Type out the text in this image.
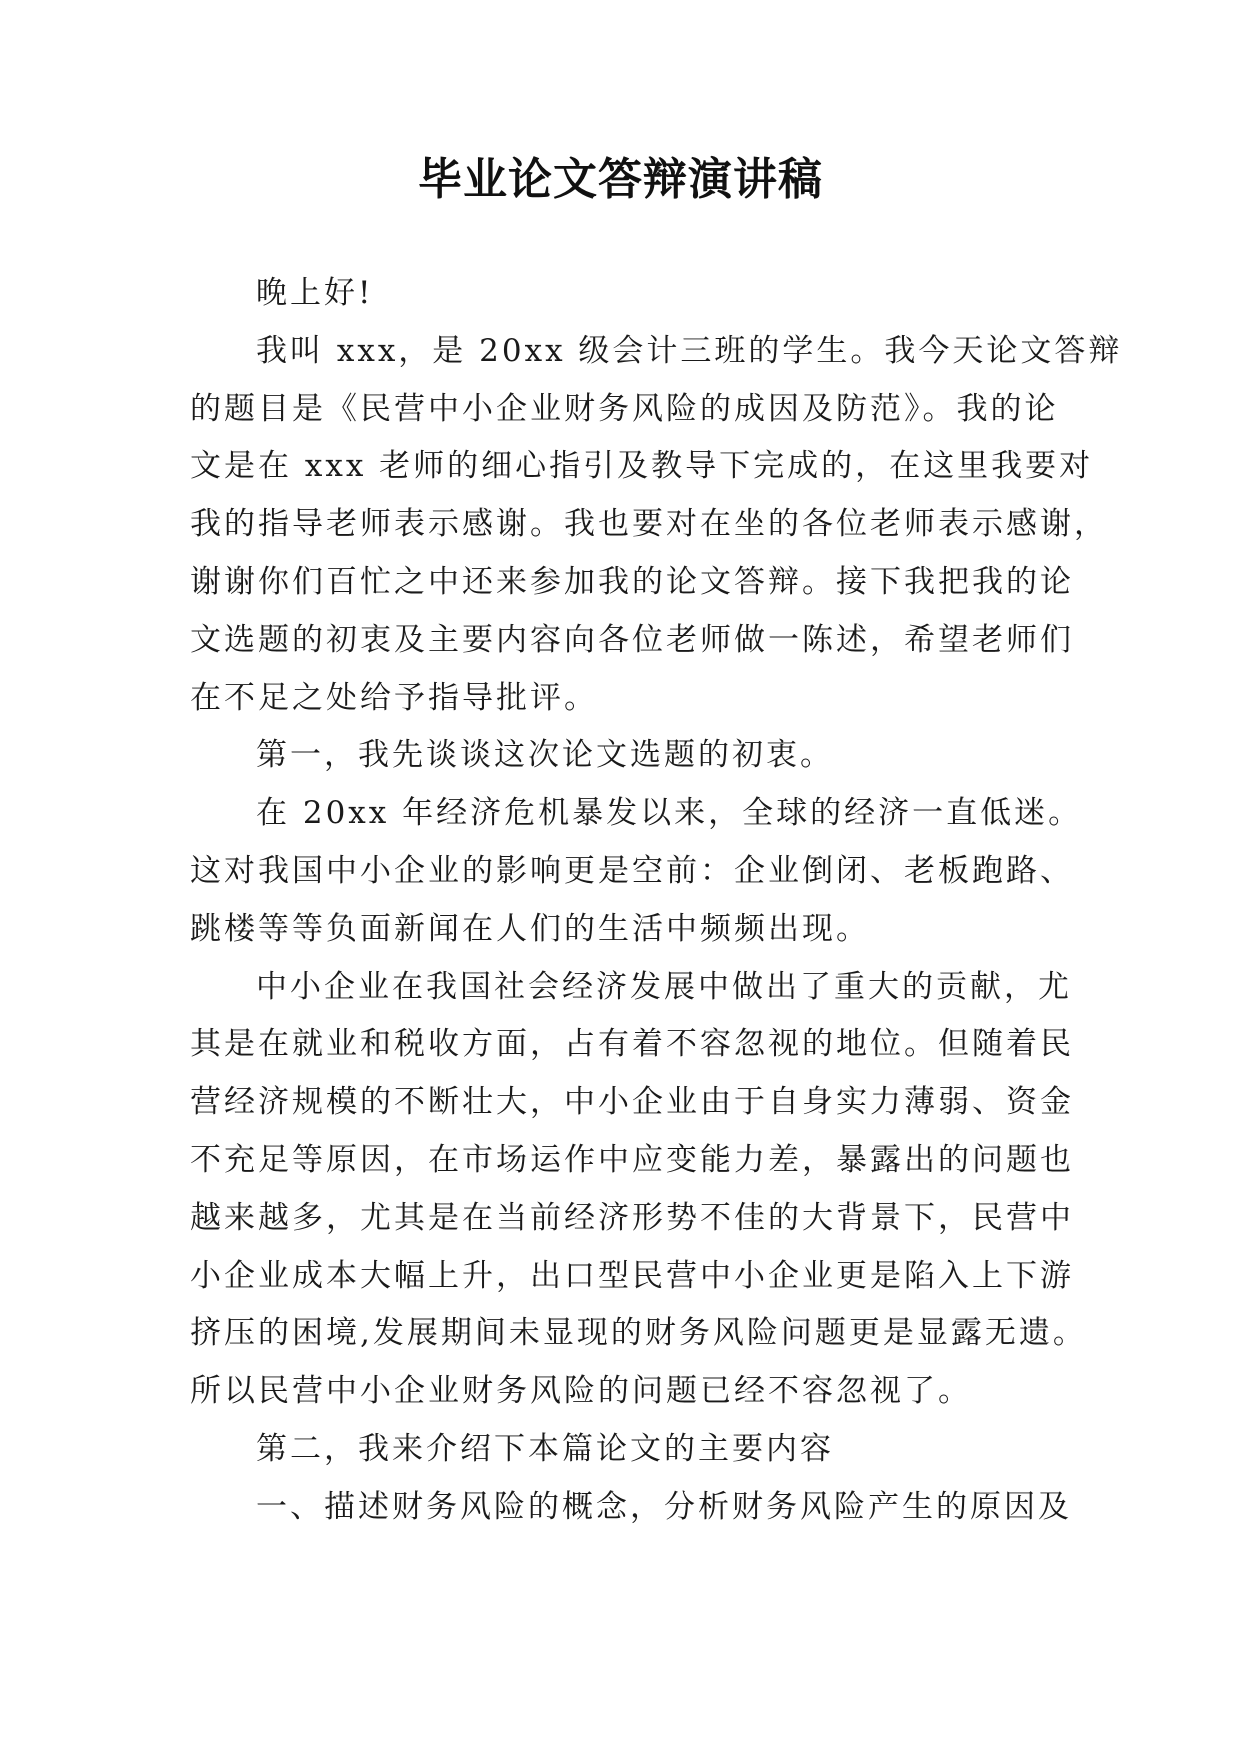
毕业论文答辩演讲稿
晚上好!
我叫 xxx，是 20xx 级会计三班的学生。我今天论文答辩
的题目是《民营中小企业财务风险的成因及防范》。我的论
文是在 xxx 老师的细心指引及教导下完成的，在这里我要对
我的指导老师表示感谢。我也要对在坐的各位老师表示感谢，
谢谢你们百忙之中还来参加我的论文答辩。接下我把我的论
文选题的初衷及主要内容向各位老师做一陈述，希望老师们
在不足之处给予指导批评。
第一，我先谈谈这次论文选题的初衷。
在 20xx 年经济危机暴发以来，全球的经济一直低迷。
这对我国中小企业的影响更是空前：企业倒闭、老板跑路、
跳楼等等负面新闻在人们的生活中频频出现。
中小企业在我国社会经济发展中做出了重大的贡献，尤
其是在就业和税收方面，占有着不容忽视的地位。但随着民
营经济规模的不断壮大，中小企业由于自身实力薄弱、资金
不充足等原因，在市场运作中应变能力差，暴露出的问题也
越来越多，尤其是在当前经济形势不佳的大背景下，民营中
小企业成本大幅上升，出口型民营中小企业更是陷入上下游
挤压的困境,发展期间未显现的财务风险问题更是显露无遗。
所以民营中小企业财务风险的问题已经不容忽视了。
第二，我来介绍下本篇论文的主要内容
一、描述财务风险的概念，分析财务风险产生的原因及
